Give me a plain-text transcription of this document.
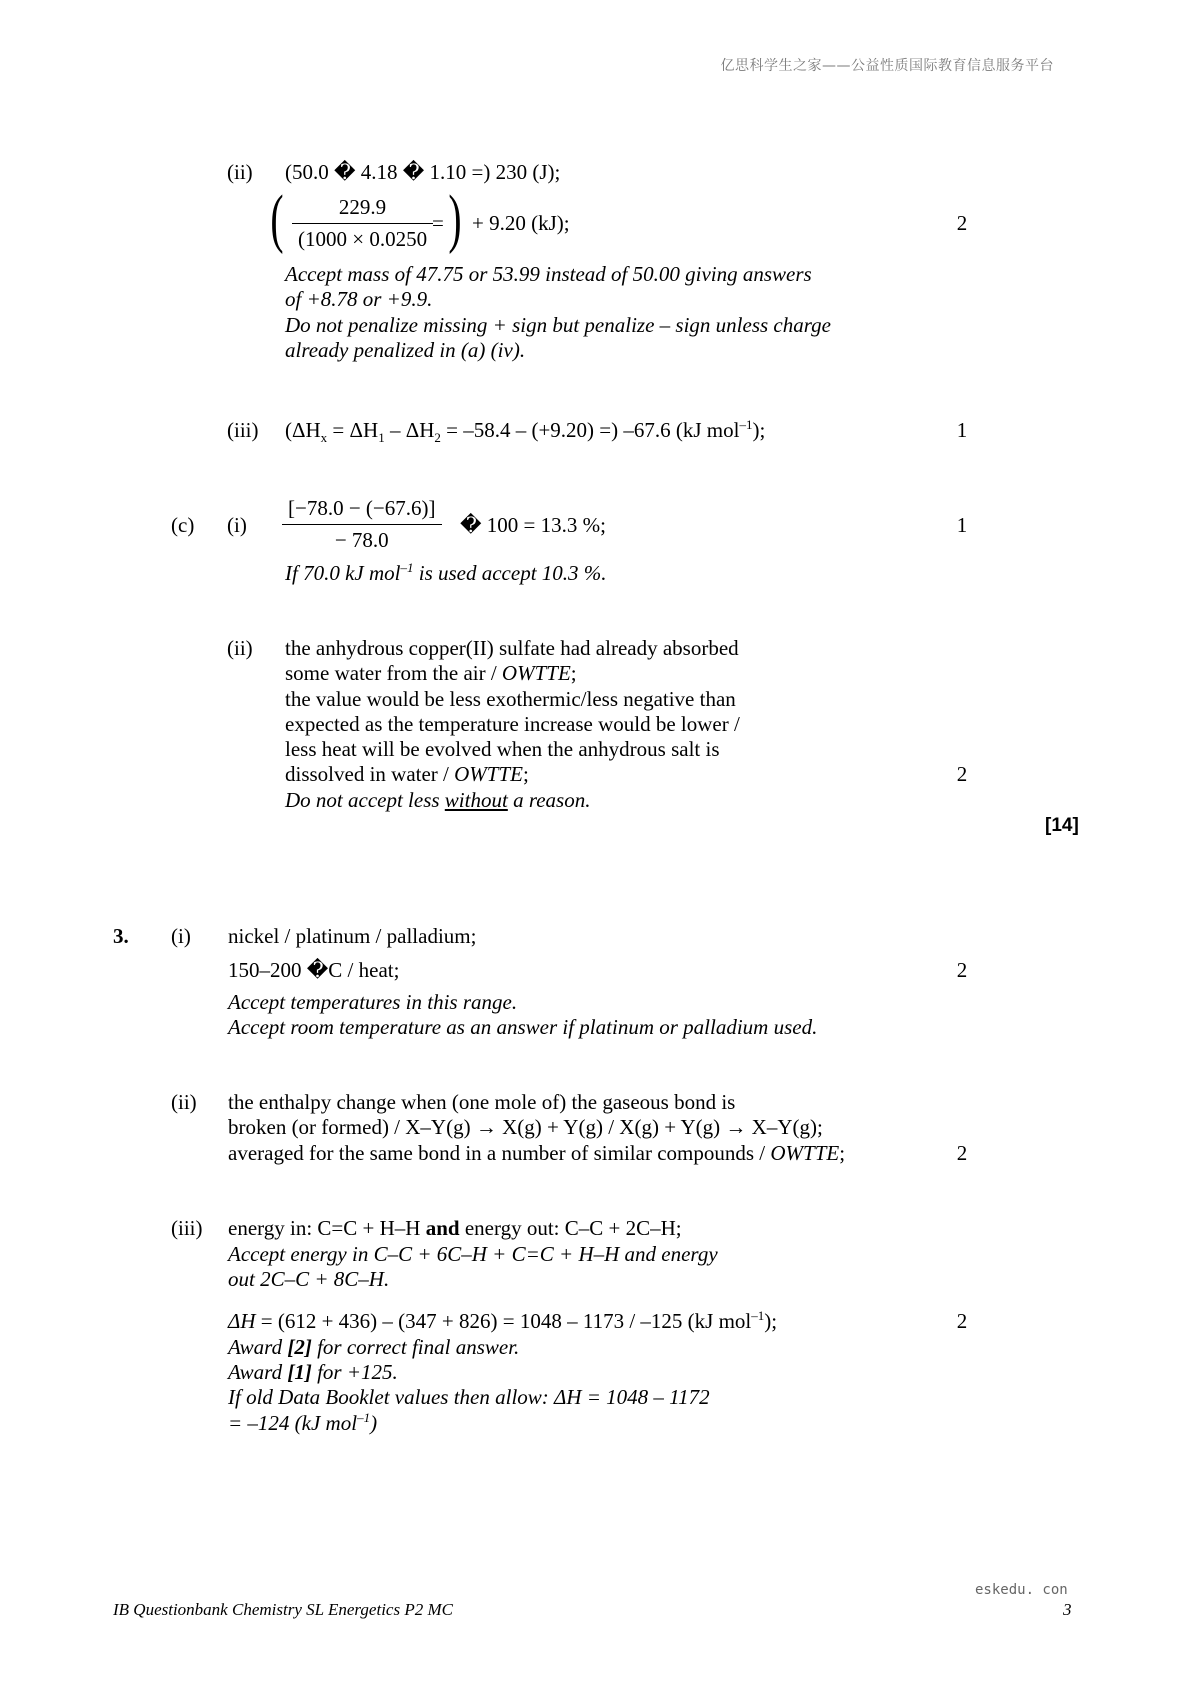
亿思科学生之家——公益性质国际教育信息服务平台
(ii) (50.0 � 4.18 � 1.10 =) 230 (J);
(	229.9
(1000 × 0.0250
= ) + 9.20 (kJ);	2
Accept mass of 47.75 or 53.99 instead of 50.00 giving answers
of +8.78 or +9.9.
Do not penalize missing + sign but penalize – sign unless charge
already penalized in (a) (iv).
(iii) ($\Delta H_x = \Delta H_1 - \Delta H_2 = -58.4 - (+9.20)$ =) –67.6 (kJ mol$^{-1}$);	1
(c) (i)
[−78.0 − (−67.6)]
− 78.0
� 100 = 13.3 %;	1
If 70.0 kJ mol$^{-1}$ is used accept 10.3 %.
(ii) the anhydrous copper(II) sulfate had already absorbed
some water from the air / OWTTE;
the value would be less exothermic/less negative than
expected as the temperature increase would be lower /
less heat will be evolved when the anhydrous salt is
dissolved in water / OWTTE;	2
Do not accept less without a reason.
[14]
3. (i) nickel / platinum / palladium;
150–200 �C / heat;	2
Accept temperatures in this range.
Accept room temperature as an answer if platinum or palladium used.
(ii) the enthalpy change when (one mole of) the gaseous bond is
broken (or formed) / X–Y(g) → X(g) + Y(g) / X(g) + Y(g) → X–Y(g);
averaged for the same bond in a number of similar compounds / OWTTE;	2
(iii) energy in: C=C + H–H and energy out: C–C + 2C–H;
Accept energy in C–C + 6C–H + C=C + H–H and energy
out 2C–C + 8C–H.
ΔH = (612 + 436) – (347 + 826) = 1048 – 1173 / –125 (kJ mol$^{-1}$);	2
Award [2] for correct final answer.
Award [1] for +125.
If old Data Booklet values then allow: ΔH = 1048 – 1172
= –124 (kJ mol$^{-1}$)
eskedu. con
IB Questionbank Chemistry SL Energetics P2 MC	3
